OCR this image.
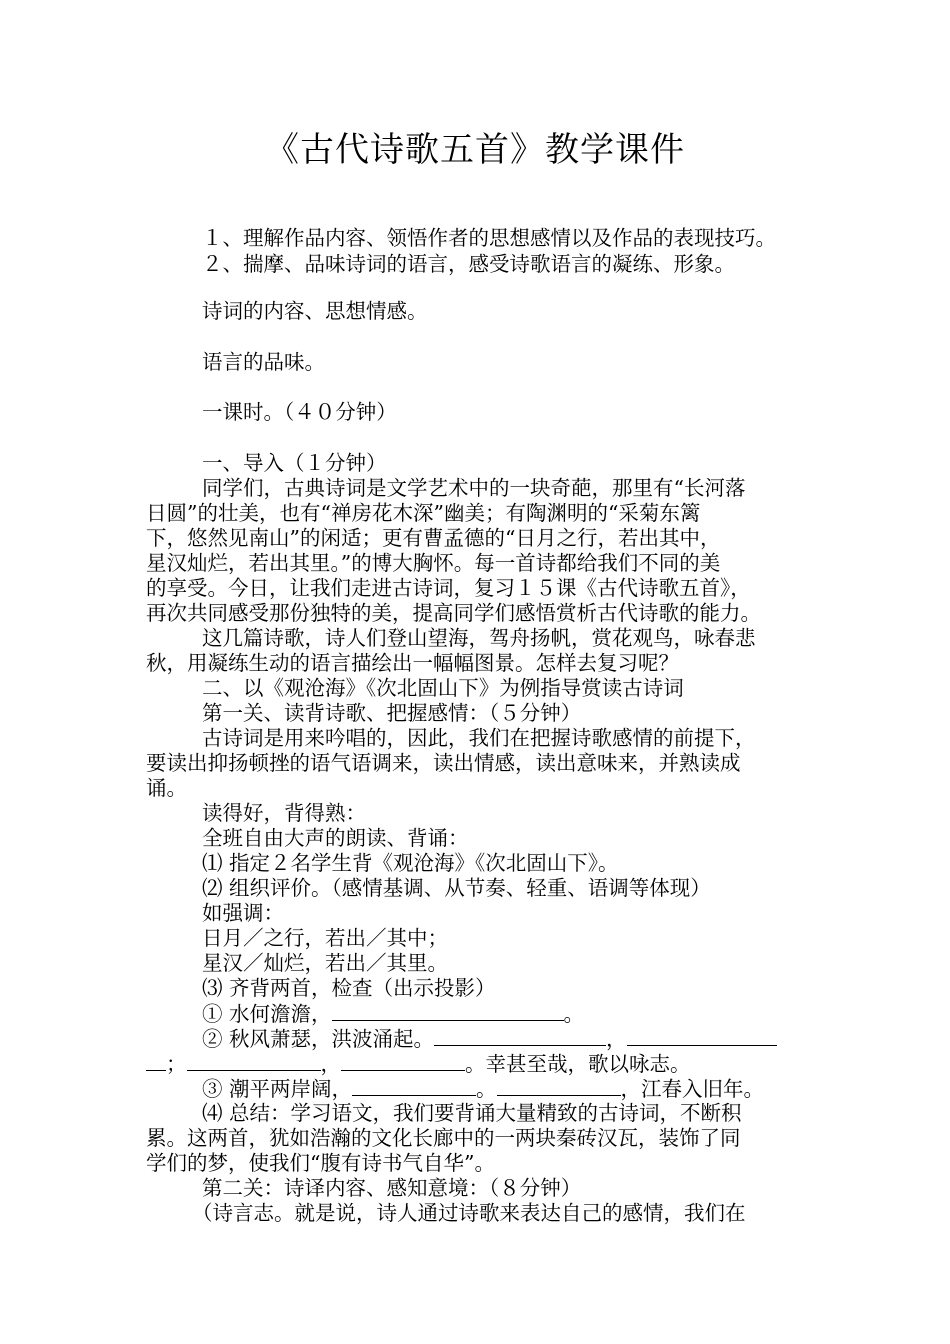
《古代诗歌五首》教学课件
１、理解作品内容、领悟作者的思想感情以及作品的表现技巧。
２、揣摩、品味诗词的语言，感受诗歌语言的凝练、形象。
诗词的内容、思想情感。
语言的品味。
一课时。（４０分钟）
一、导入（１分钟）
同学们，古典诗词是文学艺术中的一块奇葩，那里有“长河落
日圆”的壮美，也有“禅房花木深”幽美；有陶渊明的“采菊东篱
下，悠然见南山”的闲适；更有曹孟德的“日月之行，若出其中，
星汉灿烂，若出其里。”的博大胸怀。每一首诗都给我们不同的美
的享受。今日，让我们走进古诗词，复习１５课《古代诗歌五首》，
再次共同感受那份独特的美，提高同学们感悟赏析古代诗歌的能力。
这几篇诗歌，诗人们登山望海，驾舟扬帆，赏花观鸟，咏春悲
秋，用凝练生动的语言描绘出一幅幅图景。怎样去复习呢？
二、以《观沧海》《次北固山下》为例指导赏读古诗词
第一关、读背诗歌、把握感情：（５分钟）
古诗词是用来吟唱的，因此，我们在把握诗歌感情的前提下，
要读出抑扬顿挫的语气语调来，读出情感，读出意味来，并熟读成
诵。
读得好，背得熟：
全班自由大声的朗读、背诵：
⑴ 指定２名学生背《观沧海》《次北固山下》。
⑵ 组织评价。（感情基调、从节奏、轻重、语调等体现）
如强调：
日月／之行，若出／其中；
星汉／灿烂，若出／其里。
⑶ 齐背两首，检查（出示投影）
① 水何澹澹，	。
② 秋风萧瑟，洪波涌起。	，
；	，	。幸甚至哉，歌以咏志。
③ 潮平两岸阔，	。	，江春入旧年。
⑷ 总结：学习语文，我们要背诵大量精致的古诗词，不断积
累。这两首，犹如浩瀚的文化长廊中的一两块秦砖汉瓦，装饰了同
学们的梦，使我们“腹有诗书气自华”。
第二关：诗译内容、感知意境：（８分钟）
（诗言志。就是说，诗人通过诗歌来表达自己的感情，我们在
